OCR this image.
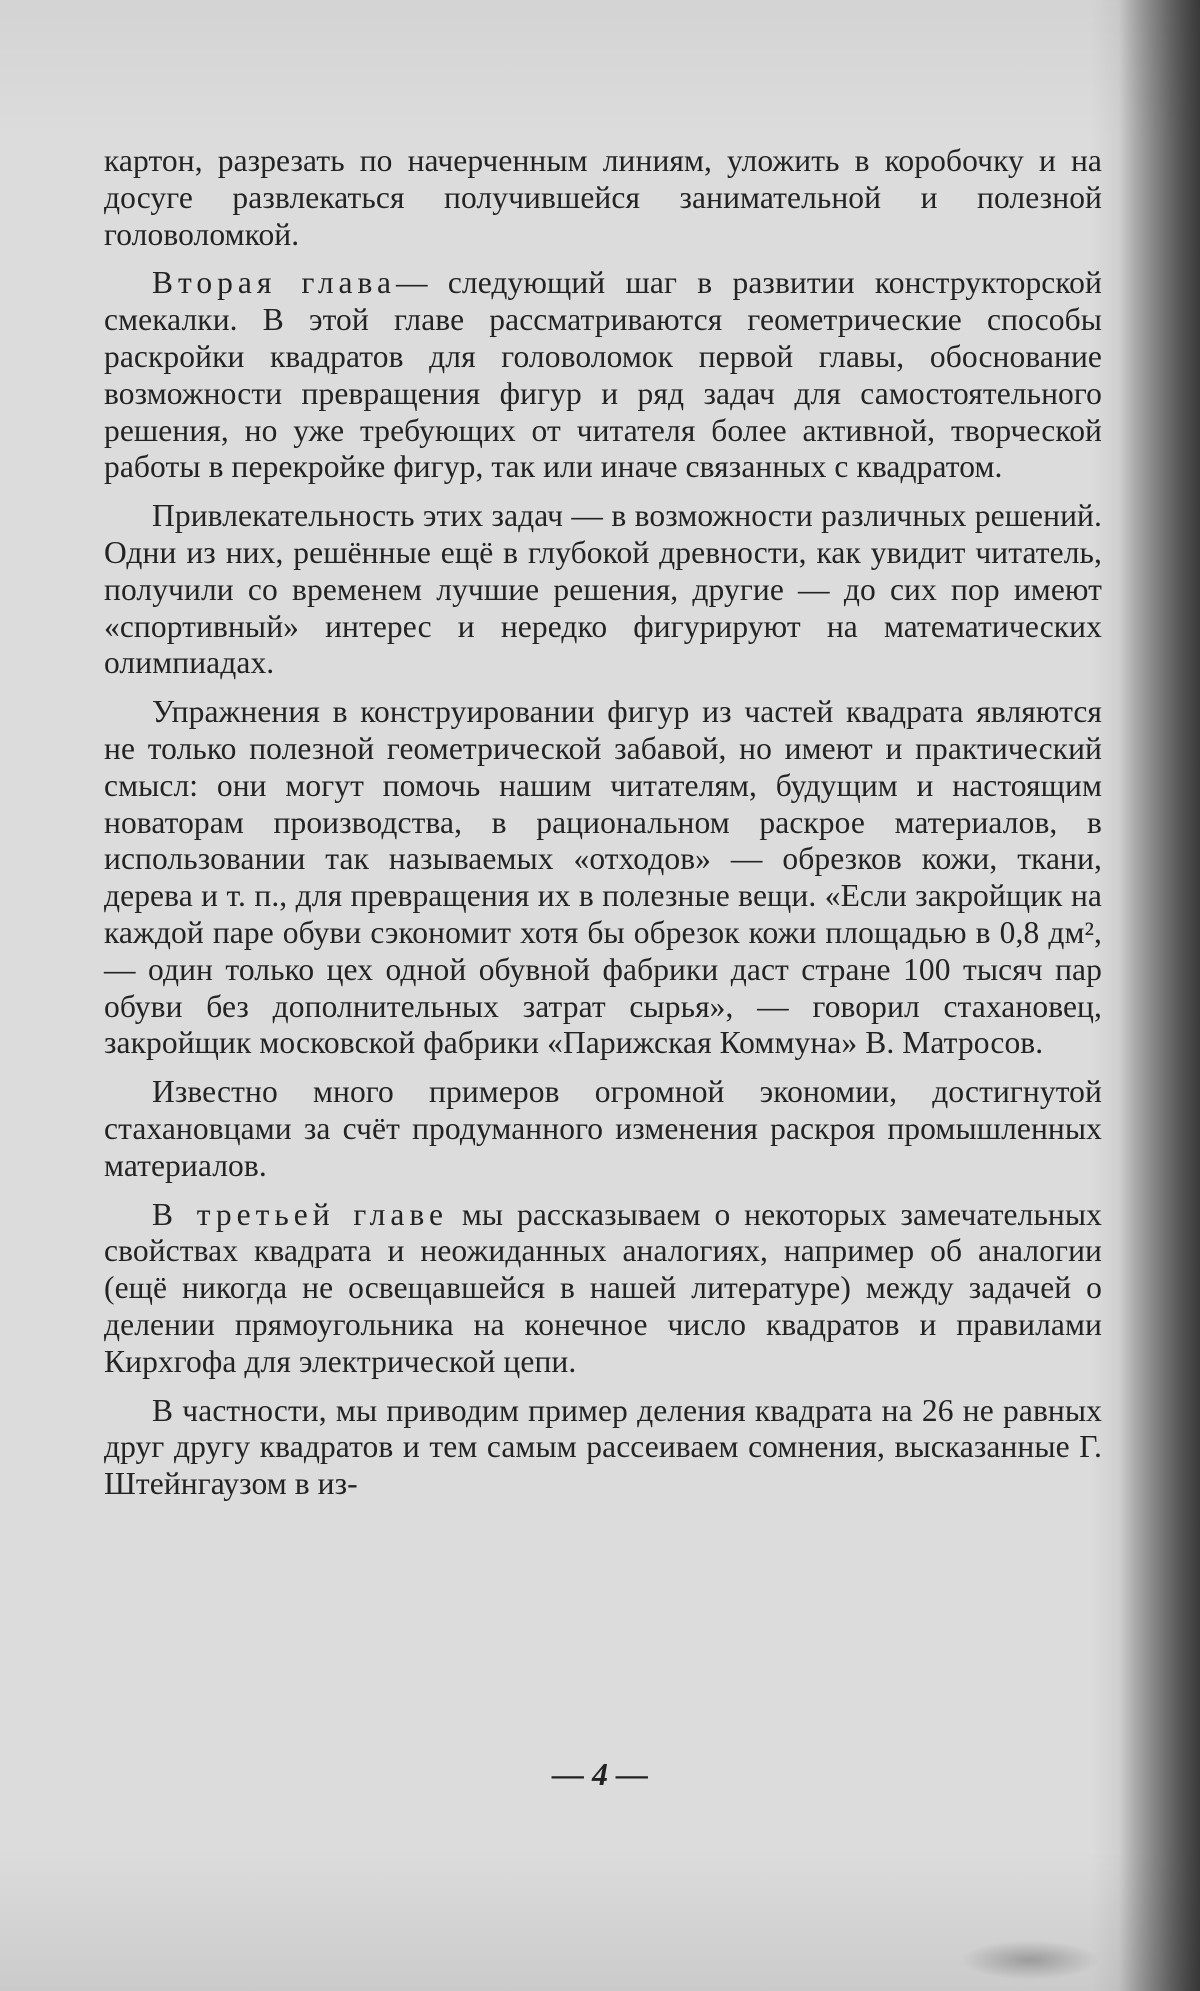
картон, разрезать по начерченным линиям, уложить в коробочку и на досуге развлекаться получившейся занимательной и полезной головоломкой.

Вторая глава— следующий шаг в развитии конструкторской смекалки. В этой главе рассматриваются геометрические способы раскройки квадратов для головоломок первой главы, обоснование возможности превращения фигур и ряд задач для самостоятельного решения, но уже требующих от читателя более активной, творческой работы в перекройке фигур, так или иначе связанных с квадратом.

Привлекательность этих задач — в возможности различных решений. Одни из них, решённые ещё в глубокой древности, как увидит читатель, получили со временем лучшие решения, другие — до сих пор имеют «спортивный» интерес и нередко фигурируют на математических олимпиадах.

Упражнения в конструировании фигур из частей квадрата являются не только полезной геометрической забавой, но имеют и практический смысл: они могут помочь нашим читателям, будущим и настоящим новаторам производства, в рациональном раскрое материалов, в использовании так называемых «отходов» — обрезков кожи, ткани, дерева и т. п., для превращения их в полезные вещи. «Если закройщик на каждой паре обуви сэкономит хотя бы обрезок кожи площадью в 0,8 дм², — один только цех одной обувной фабрики даст стране 100 тысяч пар обуви без дополнительных затрат сырья», — говорил стахановец, закройщик московской фабрики «Парижская Коммуна» В. Матросов.

Известно много примеров огромной экономии, достигнутой стахановцами за счёт продуманного изменения раскроя промышленных материалов.

В третьей главе мы рассказываем о некоторых замечательных свойствах квадрата и неожиданных аналогиях, например об аналогии (ещё никогда не освещавшейся в нашей литературе) между задачей о делении прямоугольника на конечное число квадратов и правилами Кирхгофа для электрической цепи.

В частности, мы приводим пример деления квадрата на 26 не равных друг другу квадратов и тем самым рассеиваем сомнения, высказанные Г. Штейнгаузом в из-

— 4 —
